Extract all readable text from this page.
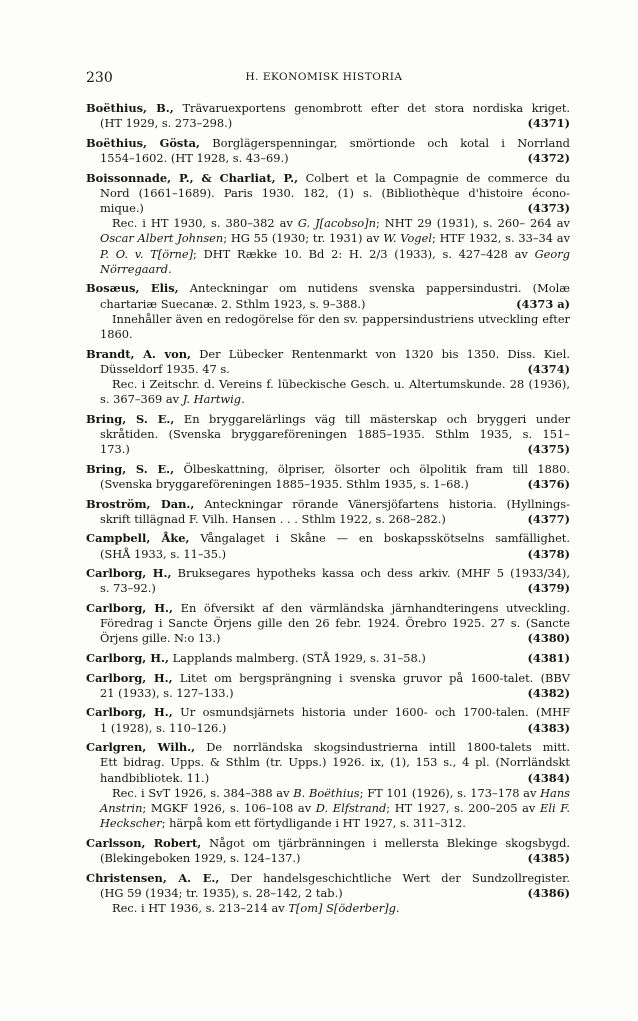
230	H. EKONOMISK HISTORIA
Boëthius, B., Trävaruexportens genombrott efter det stora nordiska kriget.
(4371)
(HT 1929, s. 273–298.)
Boëthius, Gösta, Borglägerspenningar, smörtionde och kotal i Norrland
(4372)
1554–1602. (HT 1928, s. 43–69.)
Boissonnade, P., & Charliat, P., Colbert et la Compagnie de commerce du
Nord (1661–1689). Paris 1930. 182, (1) s. (Bibliothèque d'histoire écono-
(4373)
mique.)
Rec. i HT 1930, s. 380–382 av G. J[acobso]n; NHT 29 (1931), s. 260– 264 av Oscar Albert Johnsen; HG 55 (1930; tr. 1931) av W. Vogel; HTF 1932, s. 33–34 av P. O. v. T[örne]; DHT Række 10. Bd 2: H. 2/3 (1933), s. 427–428 av Georg Nörregaard.
Bosæus, Elis, Anteckningar om nutidens svenska pappersindustri. (Molæ
(4373 a)
chartariæ Suecanæ. 2. Sthlm 1923, s. 9–388.)
Innehåller även en redogörelse för den sv. pappersindustriens utveckling efter 1860.
Brandt, A. von, Der Lübecker Rentenmarkt von 1320 bis 1350. Diss. Kiel.
(4374)
Düsseldorf 1935. 47 s.
Rec. i Zeitschr. d. Vereins f. lübeckische Gesch. u. Altertumskunde. 28 (1936), s. 367–369 av J. Hartwig.
Bring, S. E., En bryggarelärlings väg till mästerskap och bryggeri under
skråtiden. (Svenska bryggareföreningen 1885–1935. Sthlm 1935, s. 151–
(4375)
173.)
Bring, S. E., Ölbeskattning, ölpriser, ölsorter och ölpolitik fram till 1880.
(4376)
(Svenska bryggareföreningen 1885–1935. Sthlm 1935, s. 1–68.)
Broström, Dan., Anteckningar rörande Vänersjöfartens historia. (Hyllnings-
(4377)
skrift tillägnad F. Vilh. Hansen . . . Sthlm 1922, s. 268–282.)
Campbell, Åke, Vångalaget i Skåne — en boskapsskötselns samfällighet.
(4378)
(SHÅ 1933, s. 11–35.)
Carlborg, H., Bruksegares hypotheks kassa och dess arkiv. (MHF 5 (1933/34),
(4379)
s. 73–92.)
Carlborg, H., En öfversikt af den värmländska järnhandteringens utveckling.
Föredrag i Sancte Örjens gille den 26 febr. 1924. Örebro 1925. 27 s. (Sancte
(4380)
Örjens gille. N:o 13.)
(4381)
Carlborg, H., Lapplands malmberg. (STÅ 1929, s. 31–58.)
Carlborg, H., Litet om bergsprängning i svenska gruvor på 1600-talet. (BBV
(4382)
21 (1933), s. 127–133.)
Carlborg, H., Ur osmundsjärnets historia under 1600- och 1700-talen. (MHF
(4383)
1 (1928), s. 110–126.)
Carlgren, Wilh., De norrländska skogsindustrierna intill 1800-talets mitt.
Ett bidrag. Upps. & Sthlm (tr. Upps.) 1926. ix, (1), 153 s., 4 pl. (Norrländskt
(4384)
handbibliotek. 11.)
Rec. i SvT 1926, s. 384–388 av B. Boëthius; FT 101 (1926), s. 173–178 av Hans Anstrin; MGKF 1926, s. 106–108 av D. Elfstrand; HT 1927, s. 200–205 av Eli F. Heckscher; härpå kom ett förtydligande i HT 1927, s. 311–312.
Carlsson, Robert, Något om tjärbränningen i mellersta Blekinge skogsbygd.
(4385)
(Blekingeboken 1929, s. 124–137.)
Christensen, A. E., Der handelsgeschichtliche Wert der Sundzollregister.
(4386)
(HG 59 (1934; tr. 1935), s. 28–142, 2 tab.)
Rec. i HT 1936, s. 213–214 av T[om] S[öderber]g.
